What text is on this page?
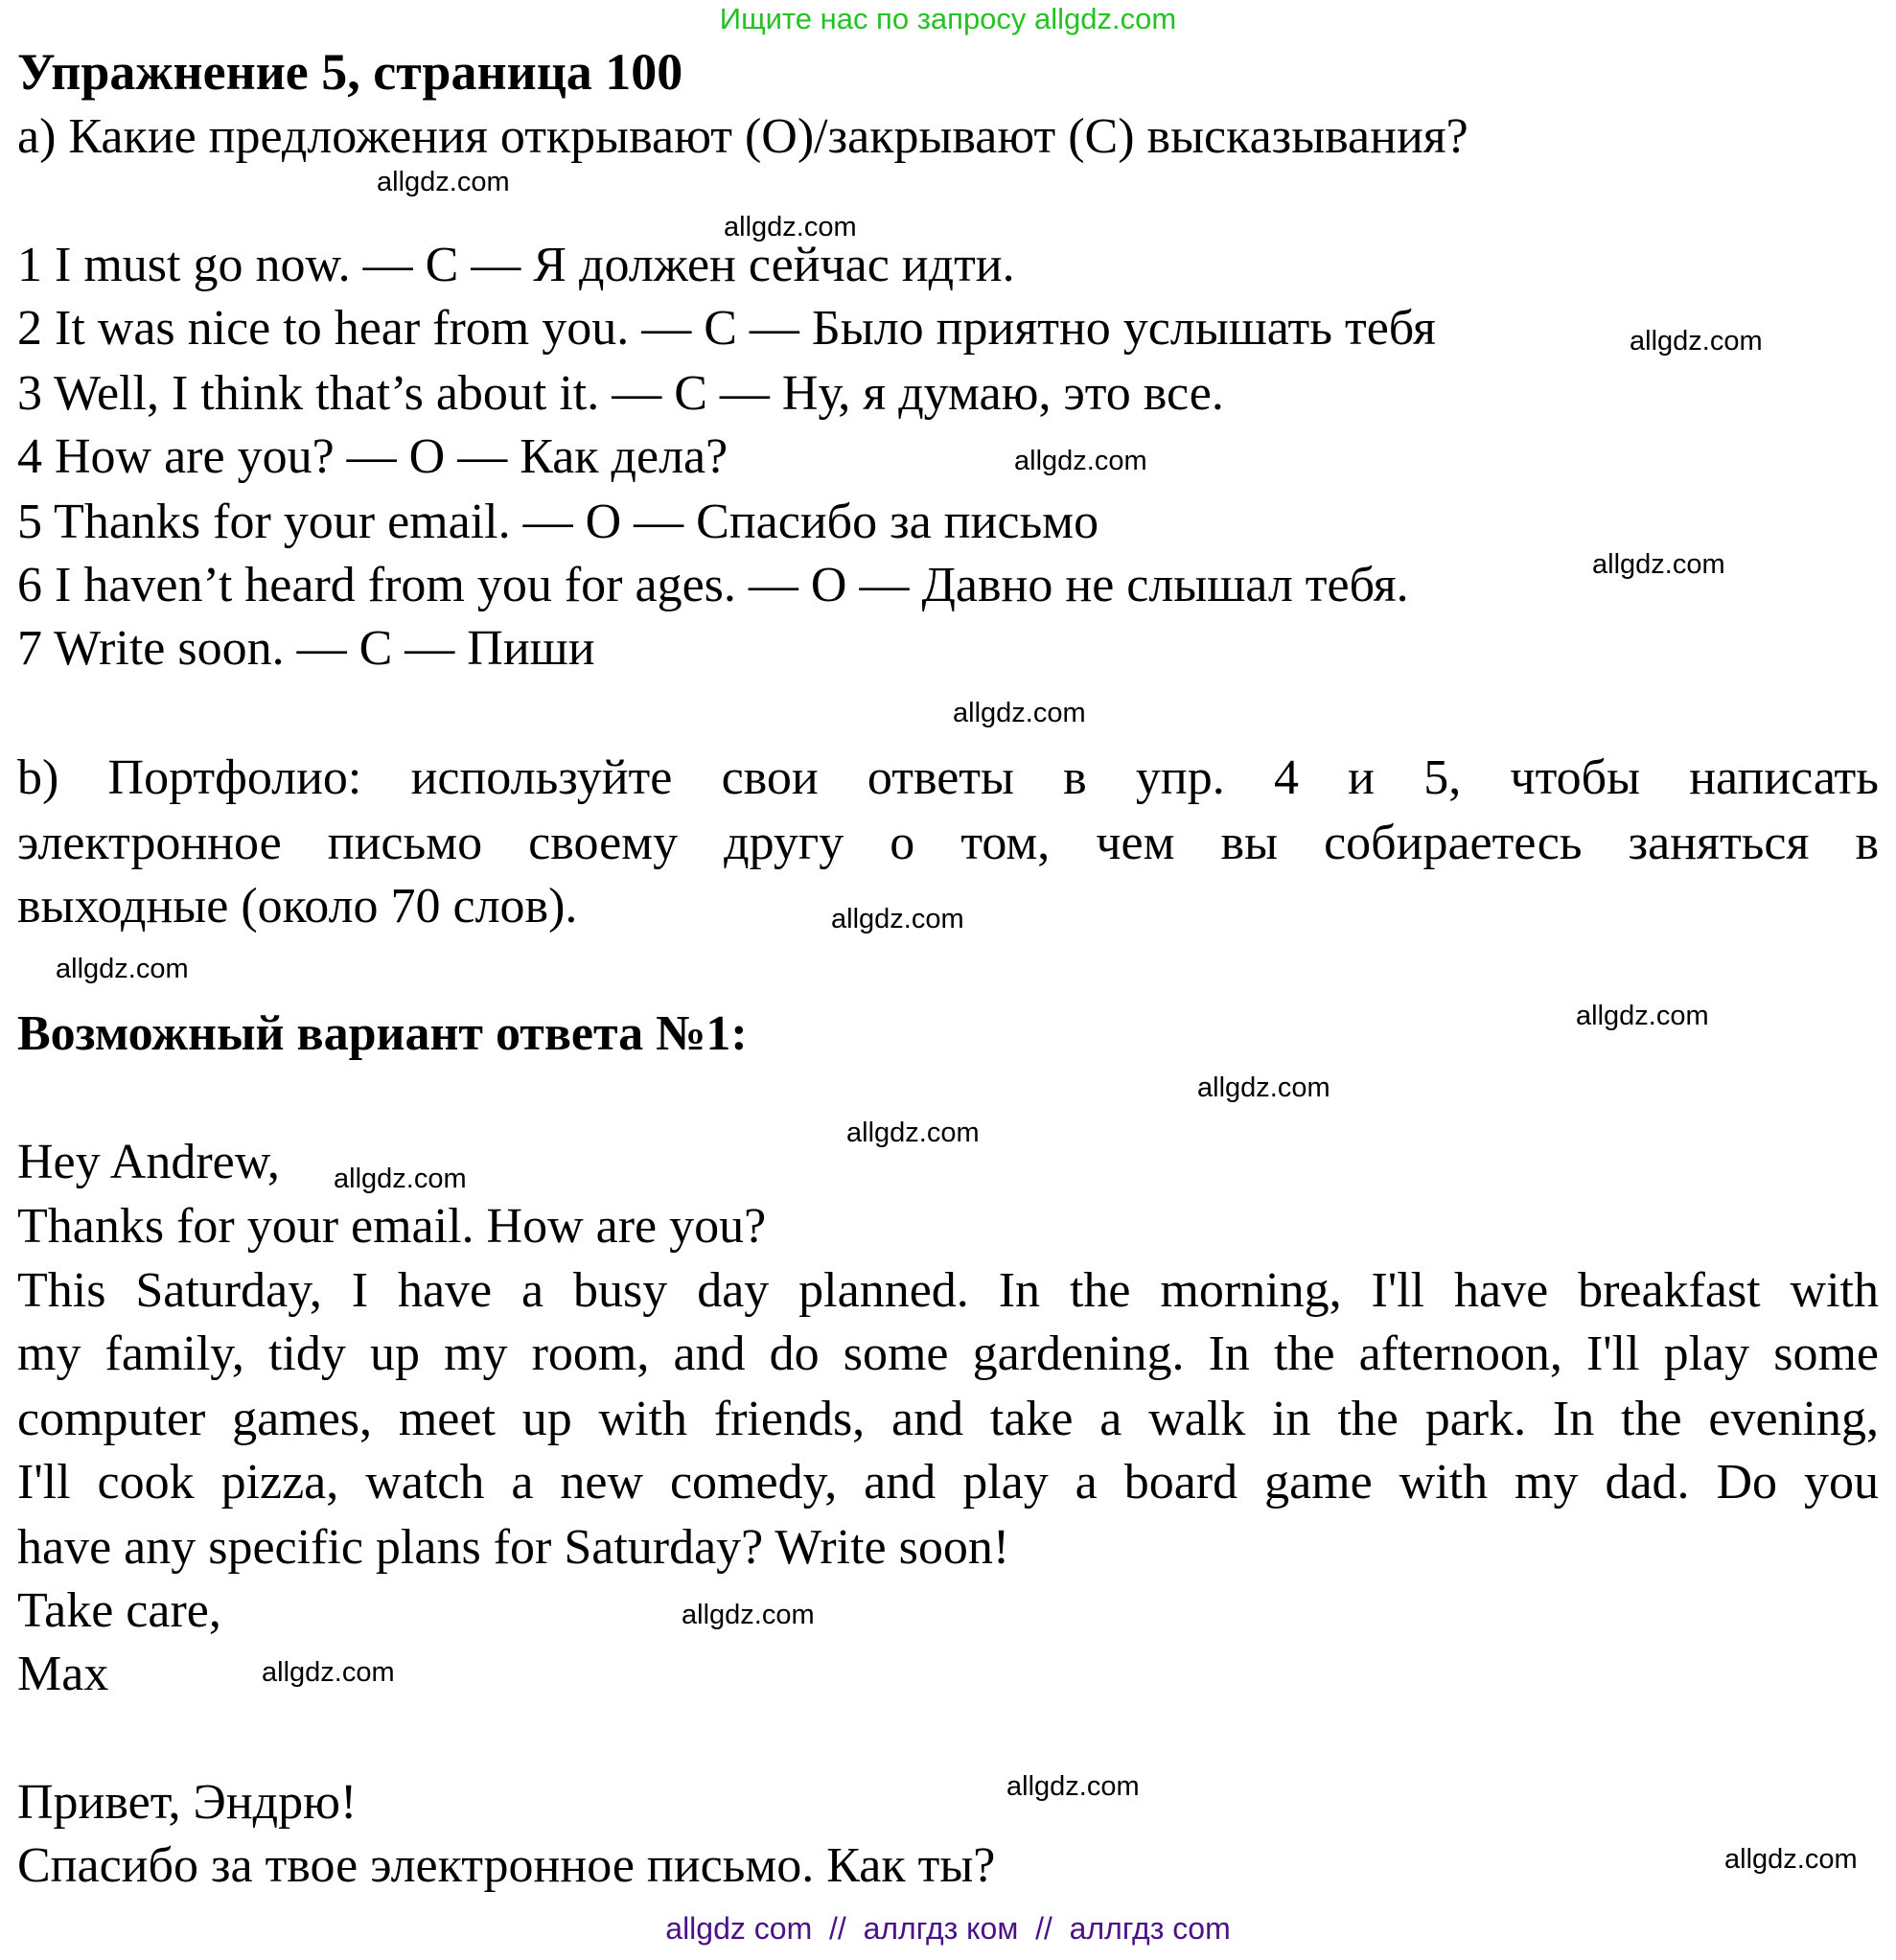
Ищите нас по запросу allgdz.com
Упражнение 5, страница 100
a) Какие предложения открывают (O)/закрывают (C) высказывания?
1 I must go now. — C — Я должен сейчас идти.
2 It was nice to hear from you. — C — Было приятно услышать тебя
3 Well, I think that’s about it. — C — Ну, я думаю, это все.
4 How are you? — O — Как дела?
5 Thanks for your email. — O — Спасибо за письмо
6 I haven’t heard from you for ages. — O — Давно не слышал тебя.
7 Write soon. — C — Пиши
b) Портфолио: используйте свои ответы в упр. 4 и 5, чтобы написать
электронное письмо своему другу о том, чем вы собираетесь заняться в
выходные (около 70 слов).
Возможный вариант ответа №1:
Hey Andrew,
Thanks for your email. How are you?
This Saturday, I have a busy day planned. In the morning, I'll have breakfast with
my family, tidy up my room, and do some gardening. In the afternoon, I'll play some
computer games, meet up with friends, and take a walk in the park. In the evening,
I'll cook pizza, watch a new comedy, and play a board game with my dad. Do you
have any specific plans for Saturday? Write soon!
Take care,
Max
Привет, Эндрю!
Спасибо за твое электронное письмо. Как ты?
allgdz.com
allgdz.com
allgdz.com
allgdz.com
allgdz.com
allgdz.com
allgdz.com
allgdz.com
allgdz.com
allgdz.com
allgdz.com
allgdz.com
allgdz.com
allgdz.com
allgdz.com
allgdz.com
allgdz com  //  аллгдз ком  //  аллгдз com
